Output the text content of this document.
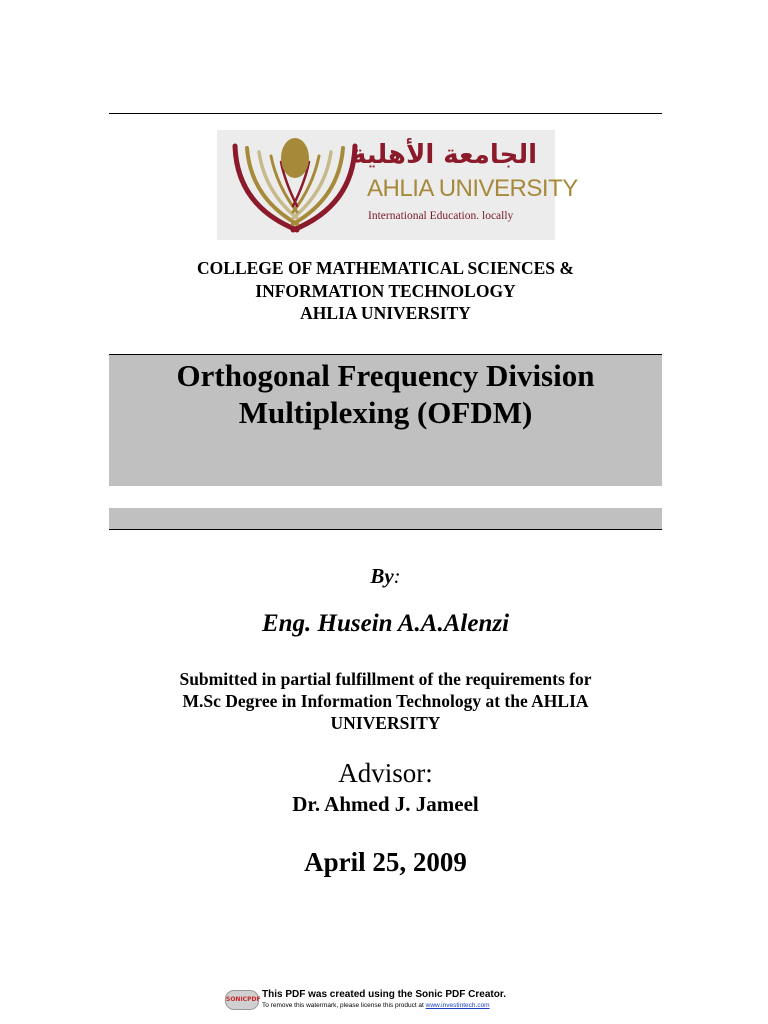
الجامعة الأهلية
AHLIA UNIVERSITY
International Education. locally
COLLEGE OF MATHEMATICAL SCIENCES &
INFORMATION TECHNOLOGY
AHLIA UNIVERSITY
Orthogonal Frequency Division
Multiplexing (OFDM)
By:
Eng. Husein A.A.Alenzi
Submitted in partial fulfillment of the requirements for
M.Sc Degree in Information Technology at the AHLIA
UNIVERSITY
Advisor:
Dr. Ahmed J. Jameel
April 25, 2009
SONICPDF This PDF was created using the Sonic PDF Creator.
To remove this watermark, please license this product at www.investintech.com
